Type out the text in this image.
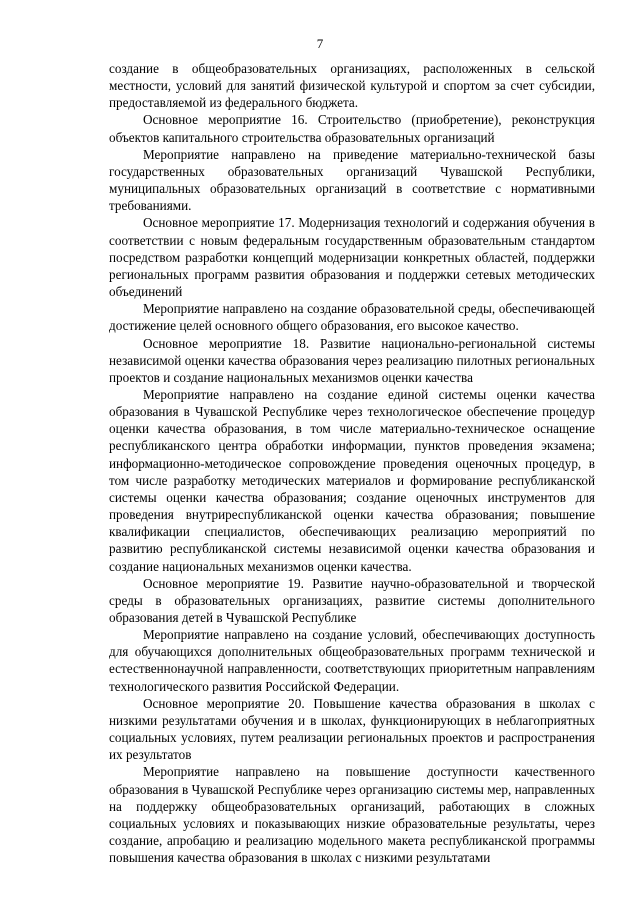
7

создание в общеобразовательных организациях, расположенных в сельской местности, условий для занятий физической культурой и спортом за счет субсидии, предоставляемой из федерального бюджета.

Основное мероприятие 16. Строительство (приобретение), реконструкция объектов капитального строительства образовательных организаций

Мероприятие направлено на приведение материально-технической базы государственных образовательных организаций Чувашской Республики, муниципальных образовательных организаций в соответствие с нормативными требованиями.

Основное мероприятие 17. Модернизация технологий и содержания обучения в соответствии с новым федеральным государственным образовательным стандартом посредством разработки концепций модернизации конкретных областей, поддержки региональных программ развития образования и поддержки сетевых методических объединений

Мероприятие направлено на создание образовательной среды, обеспечивающей достижение целей основного общего образования, его высокое качество.

Основное мероприятие 18. Развитие национально-региональной системы независимой оценки качества образования через реализацию пилотных региональных проектов и создание национальных механизмов оценки качества

Мероприятие направлено на создание единой системы оценки качества образования в Чувашской Республике через технологическое обеспечение процедур оценки качества образования, в том числе материально-техническое оснащение республиканского центра обработки информации, пунктов проведения экзамена; информационно-методическое сопровождение проведения оценочных процедур, в том числе разработку методических материалов и формирование республиканской системы оценки качества образования; создание оценочных инструментов для проведения внутриреспубликанской оценки качества образования; повышение квалификации специалистов, обеспечивающих реализацию мероприятий по развитию республиканской системы независимой оценки качества образования и создание национальных механизмов оценки качества.

Основное мероприятие 19. Развитие научно-образовательной и творческой среды в образовательных организациях, развитие системы дополнительного образования детей в Чувашской Республике

Мероприятие направлено на создание условий, обеспечивающих доступность для обучающихся дополнительных общеобразовательных программ технической и естественнонаучной направленности, соответствующих приоритетным направлениям технологического развития Российской Федерации.

Основное мероприятие 20. Повышение качества образования в школах с низкими результатами обучения и в школах, функционирующих в неблагоприятных социальных условиях, путем реализации региональных проектов и распространения их результатов

Мероприятие направлено на повышение доступности качественного образования в Чувашской Республике через организацию системы мер, направленных на поддержку общеобразовательных организаций, работающих в сложных социальных условиях и показывающих низкие образовательные результаты, через создание, апробацию и реализацию модельного макета республиканской программы повышения качества образования в школах с низкими результатами
